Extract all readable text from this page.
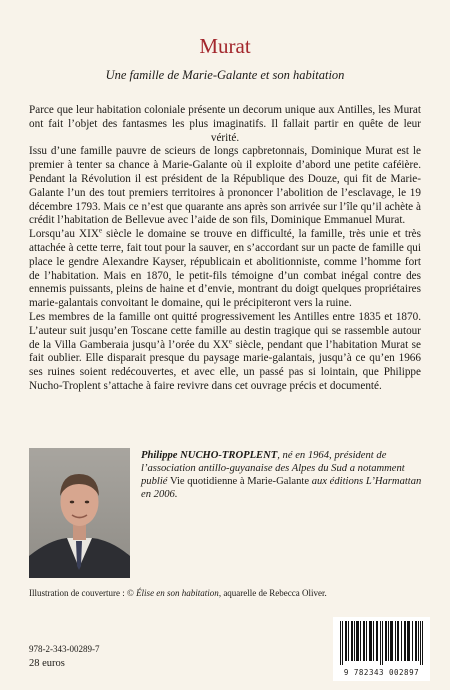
Murat
Une famille de Marie-Galante et son habitation

Parce que leur habitation coloniale présente un decorum unique aux Antilles, les Murat ont fait l’objet des fantasmes les plus imaginatifs. Il fallait partir en quête de leur vérité.

Issu d’une famille pauvre de scieurs de longs capbretonnais, Dominique Murat est le premier à tenter sa chance à Marie-Galante où il exploite d’abord une petite caféière. Pendant la Révolution il est président de la République des Douze, qui fit de Marie-Galante l’un des tout premiers territoires à prononcer l’abolition de l’esclavage, le 19 décembre 1793. Mais ce n’est que quarante ans après son arrivée sur l’île qu’il achète à crédit l’habitation de Bellevue avec l’aide de son fils, Dominique Emmanuel Murat.

Lorsqu’au XIXe siècle le domaine se trouve en difficulté, la famille, très unie et très attachée à cette terre, fait tout pour la sauver, en s’accordant sur un pacte de famille qui place le gendre Alexandre Kayser, républicain et abolitionniste, comme l’homme fort de l’habitation. Mais en 1870, le petit-fils témoigne d’un combat inégal contre des ennemis puissants, pleins de haine et d’envie, montrant du doigt quelques propriétaires marie-galantais convoitant le domaine, qui le précipiteront vers la ruine.

Les membres de la famille ont quitté progressivement les Antilles entre 1835 et 1870. L’auteur suit jusqu’en Toscane cette famille au destin tragique qui se rassemble autour de la Villa Gamberaia jusqu’à l’orée du XXe siècle, pendant que l’habitation Murat se fait oublier. Elle disparait presque du paysage marie-galantais, jusqu’à ce qu’en 1966 ses ruines soient redécouvertes, et avec elle, un passé pas si lointain, que Philippe Nucho-Troplent s’attache à faire revivre dans cet ouvrage précis et documenté.

Philippe NUCHO-TROPLENT, né en 1964, président de l’association antillo-guyanaise des Alpes du Sud a notamment publié Vie quotidienne à Marie-Galante aux éditions L’Harmattan en 2006.
Illustration de couverture : © Élise en son habitation, aquarelle de Rebecca Oliver.
978-2-343-00289-7
28 euros
9 782343 002897
